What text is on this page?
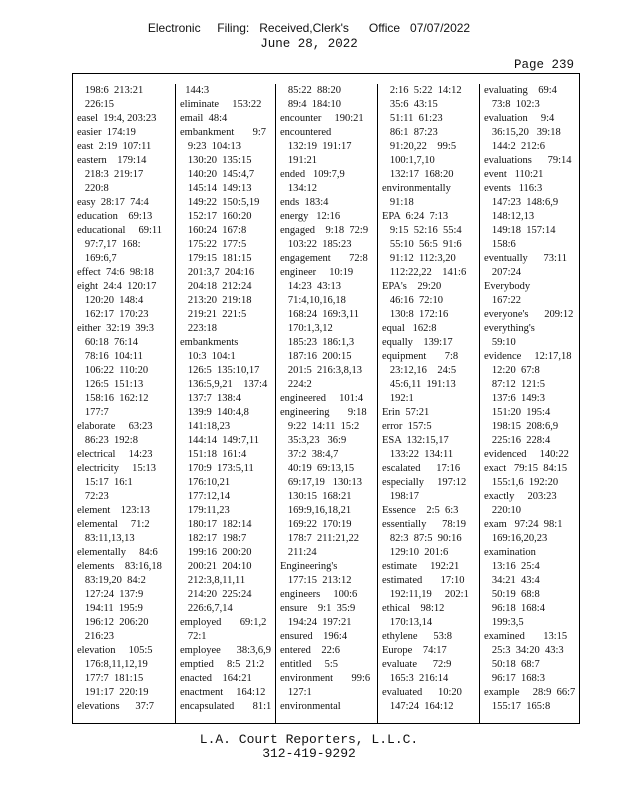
Electronic     Filing:   Received,Clerk's      Office   07/07/2022
June 28, 2022
Page 239
198:6  213:21
226:15
easel  19:4, 203:23
easier  174:19
east  2:19  107:11
eastern    179:14
218:3  219:17
220:8
easy  28:17  74:4
education    69:13
educational     69:11
97:7,17  168:
169:6,7
effect  74:6  98:18
eight  24:4  120:17
120:20  148:4
162:17  170:23
either  32:19  39:3
60:18  76:14
78:16  104:11
106:22  110:20
126:5  151:13
158:16  162:12
177:7
elaborate     63:23
86:23  192:8
electrical     14:23
electricity     15:13
15:17  16:1
72:23
element    123:13
elemental     71:2
83:11,13,13
elementally     84:6
elements    83:16,18
83:19,20  84:2
127:24  137:9
194:11  195:9
196:12  206:20
216:23
elevation     105:5
176:8,11,12,19
177:7  181:15
191:17  220:19
elevations      37:7
144:3
eliminate     153:22
email  48:4
embankment       9:7
9:23  104:13
130:20  135:15
140:20  145:4,7
145:14  149:13
149:22  150:5,19
152:17  160:20
160:24  167:8
175:22  177:5
179:15  181:15
201:3,7  204:16
204:18  212:24
213:20  219:18
219:21  221:5
223:18
embankments
10:3  104:1
126:5  135:10,17
136:5,9,21    137:4
137:7  138:4
139:9  140:4,8
141:18,23
144:14  149:7,11
151:18  161:4
170:9  173:5,11
176:10,21
177:12,14
179:11,23
180:17  182:14
182:17  198:7
199:16  200:20
200:21  204:10
212:3,8,11,11
214:20  225:24
226:6,7,14
employed       69:1,2
72:1
employee      38:3,6,9
emptied     8:5  21:2
enacted    164:21
enactment     164:12
encapsulated       81:1
85:22  88:20
89:4  184:10
encounter     190:21
encountered
132:19  191:17
191:21
ended   109:7,9
134:12
ends  183:4
energy   12:16
engaged    9:18  72:9
103:22  185:23
engagement       72:8
engineer     10:19
14:23  43:13
71:4,10,16,18
168:24  169:3,11
170:1,3,12
185:23  186:1,3
187:16  200:15
201:5  216:3,8,13
224:2
engineered     101:4
engineering       9:18
9:22  14:11  15:2
35:3,23   36:9
37:2  38:4,7
40:19  69:13,15
69:17,19   130:13
130:15  168:21
169:9,16,18,21
169:22  170:19
178:7  211:21,22
211:24
Engineering's
177:15  213:12
engineers     100:6
ensure    9:1  35:9
194:24  197:21
ensured    196:4
entered    22:6
entitled     5:5
environment       99:6
127:1
environmental
2:16  5:22  14:12
35:6  43:15
51:11  61:23
86:1  87:23
91:20,22    99:5
100:1,7,10
132:17  168:20
environmentally
91:18
EPA  6:24  7:13
9:15  52:16  55:4
55:10  56:5  91:6
91:12  112:3,20
112:22,22    141:6
EPA's    29:20
46:16  72:10
130:8  172:16
equal   162:8
equally    139:17
equipment       7:8
23:12,16    24:5
45:6,11  191:13
192:1
Erin  57:21
error  157:5
ESA  132:15,17
133:22  134:11
escalated      17:16
especially     197:12
198:17
Essence    2:5  6:3
essentially      78:19
82:3  87:5  90:16
129:10  201:6
estimate     192:21
estimated       17:10
192:11,19     202:1
ethical    98:12
170:13,14
ethylene      53:8
Europe    74:17
evaluate      72:9
165:3  216:14
evaluated      10:20
147:24  164:12
evaluating    69:4
73:8  102:3
evaluation     9:4
36:15,20   39:18
144:2  212:6
evaluations      79:14
event   110:21
events   116:3
147:23  148:6,9
148:12,13
149:18  157:14
158:6
eventually      73:11
207:24
Everybody
167:22
everyone's      209:12
everything's
59:10
evidence     12:17,18
12:20  67:8
87:12  121:5
137:6  149:3
151:20  195:4
198:15  208:6,9
225:16  228:4
evidenced     140:22
exact   79:15  84:15
155:1,6  192:20
exactly     203:23
220:10
exam   97:24  98:1
169:16,20,23
examination
13:16  25:4
34:21  43:4
50:19  68:8
96:18  168:4
199:3,5
examined       13:15
25:3  34:20  43:3
50:18  68:7
96:17  168:3
example     28:9  66:7
155:17  165:8
L.A. Court Reporters, L.L.C.
312-419-9292
